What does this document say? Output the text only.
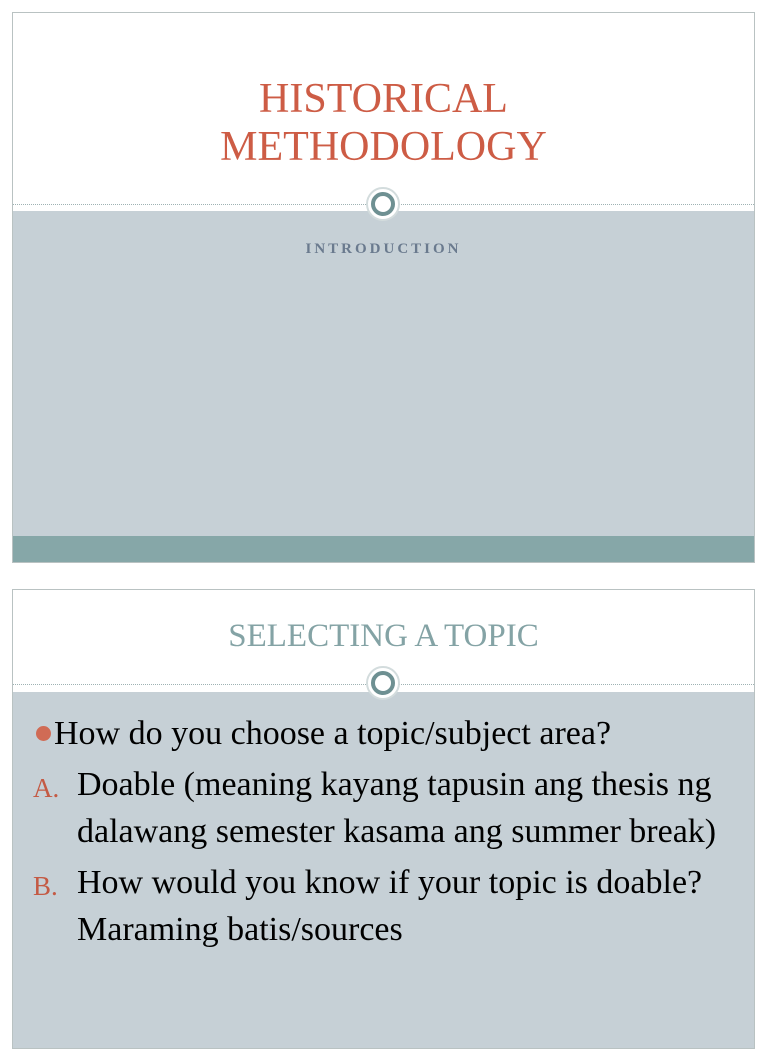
HISTORICAL
METHODOLOGY
INTRODUCTION
SELECTING A TOPIC
How do you choose a topic/subject area?
A. Doable (meaning kayang tapusin ang thesis ng dalawang semester kasama ang summer break)
B. How would you know if your topic is doable? Maraming batis/sources
